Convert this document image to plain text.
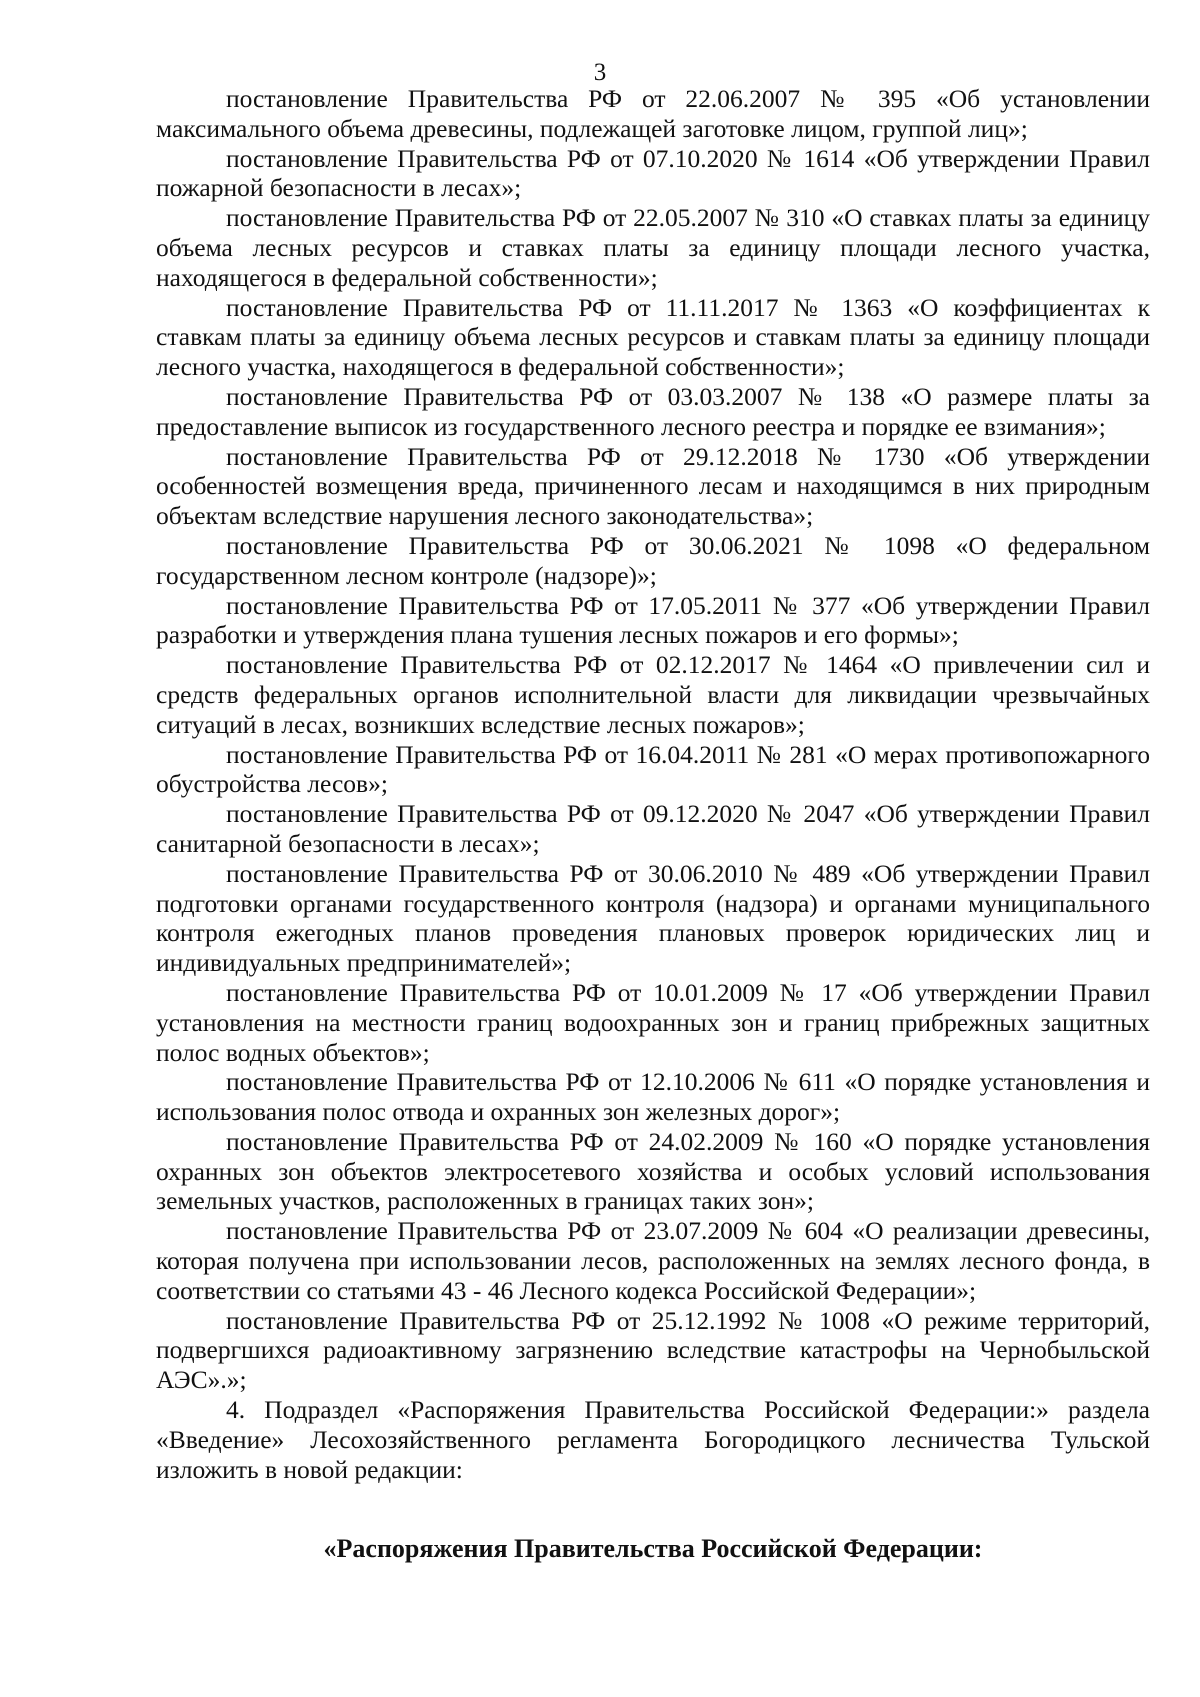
3

постановление Правительства РФ от 22.06.2007 № 395 «Об установлении максимального объема древесины, подлежащей заготовке лицом, группой лиц»;

постановление Правительства РФ от 07.10.2020 № 1614 «Об утверждении Правил пожарной безопасности в лесах»;

постановление Правительства РФ от 22.05.2007 № 310 «О ставках платы за единицу объема лесных ресурсов и ставках платы за единицу площади лесного участка, находящегося в федеральной собственности»;

постановление Правительства РФ от 11.11.2017 № 1363 «О коэффициентах к ставкам платы за единицу объема лесных ресурсов и ставкам платы за единицу площади лесного участка, находящегося в федеральной собственности»;

постановление Правительства РФ от 03.03.2007 № 138 «О размере платы за предоставление выписок из государственного лесного реестра и порядке ее взимания»;

постановление Правительства РФ от 29.12.2018 № 1730 «Об утверждении особенностей возмещения вреда, причиненного лесам и находящимся в них природным объектам вследствие нарушения лесного законодательства»;

постановление Правительства РФ от 30.06.2021 № 1098 «О федеральном государственном лесном контроле (надзоре)»;

постановление Правительства РФ от 17.05.2011 № 377 «Об утверждении Правил разработки и утверждения плана тушения лесных пожаров и его формы»;

постановление Правительства РФ от 02.12.2017 № 1464 «О привлечении сил и средств федеральных органов исполнительной власти для ликвидации чрезвычайных ситуаций в лесах, возникших вследствие лесных пожаров»;

постановление Правительства РФ от 16.04.2011 № 281 «О мерах противопожарного обустройства лесов»;

постановление Правительства РФ от 09.12.2020 № 2047 «Об утверждении Правил санитарной безопасности в лесах»;

постановление Правительства РФ от 30.06.2010 № 489 «Об утверждении Правил подготовки органами государственного контроля (надзора) и органами муниципального контроля ежегодных планов проведения плановых проверок юридических лиц и индивидуальных предпринимателей»;

постановление Правительства РФ от 10.01.2009 № 17 «Об утверждении Правил установления на местности границ водоохранных зон и границ прибрежных защитных полос водных объектов»;

постановление Правительства РФ от 12.10.2006 № 611 «О порядке установления и использования полос отвода и охранных зон железных дорог»;

постановление Правительства РФ от 24.02.2009 № 160 «О порядке установления охранных зон объектов электросетевого хозяйства и особых условий использования земельных участков, расположенных в границах таких зон»;

постановление Правительства РФ от 23.07.2009 № 604 «О реализации древесины, которая получена при использовании лесов, расположенных на землях лесного фонда, в соответствии со статьями 43 - 46 Лесного кодекса Российской Федерации»;

постановление Правительства РФ от 25.12.1992 № 1008 «О режиме территорий, подвергшихся радиоактивному загрязнению вследствие катастрофы на Чернобыльской АЭС».»;

4. Подраздел «Распоряжения Правительства Российской Федерации:» раздела «Введение» Лесохозяйственного регламента Богородицкого лесничества Тульской изложить в новой редакции:

«Распоряжения Правительства Российской Федерации:
